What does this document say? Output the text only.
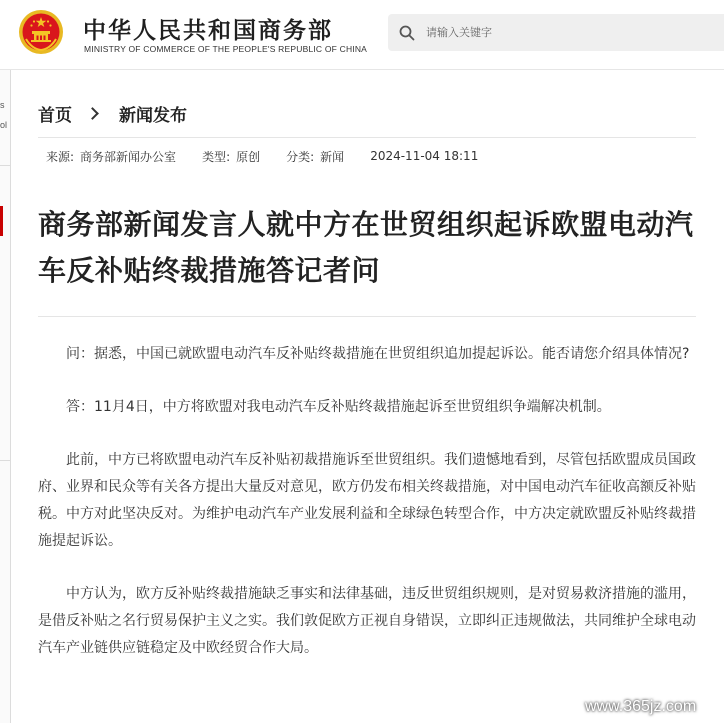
中华人民共和国商务部
MINISTRY OF COMMERCE OF THE PEOPLE'S REPUBLIC OF CHINA
请输入关键字
s
ol 首页	新闻发布
来源: 商务部新闻办公室 类型: 原创 分类: 新闻 2024-11-04 18:11
商务部新闻发言人就中方在世贸组织起诉欧盟电动汽车反补贴终裁措施答记者问

问：据悉，中国已就欧盟电动汽车反补贴终裁措施在世贸组织追加提起诉讼。能否请您介绍具体情况?

答：11月4日，中方将欧盟对我电动汽车反补贴终裁措施起诉至世贸组织争端解决机制。

此前，中方已将欧盟电动汽车反补贴初裁措施诉至世贸组织。我们遗憾地看到，尽管包括欧盟成员国政府、业界和民众等有关各方提出大量反对意见，欧方仍发布相关终裁措施，对中国电动汽车征收高额反补贴税。中方对此坚决反对。为维护电动汽车产业发展利益和全球绿色转型合作，中方决定就欧盟反补贴终裁措施提起诉讼。

中方认为，欧方反补贴终裁措施缺乏事实和法律基础，违反世贸组织规则，是对贸易救济措施的滥用，是借反补贴之名行贸易保护主义之实。我们敦促欧方正视自身错误，立即纠正违规做法，共同维护全球电动汽车产业链供应链稳定及中欧经贸合作大局。

www.365jz.com
